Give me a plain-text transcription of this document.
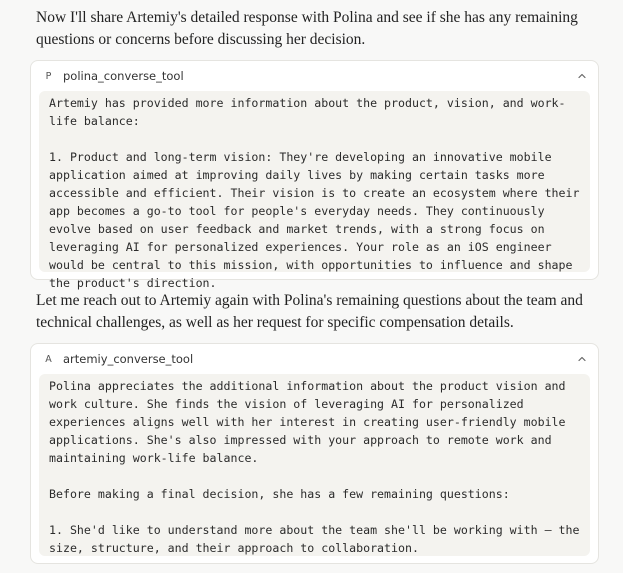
Now I'll share Artemiy's detailed response with Polina and see if she has any remaining questions or concerns before discussing her decision.

P polina_converse_tool
Artemiy has provided more information about the product, vision, and work-life balance:

1. Product and long-term vision: They're developing an innovative mobile application aimed at improving daily lives by making certain tasks more accessible and efficient. Their vision is to create an ecosystem where their app becomes a go-to tool for people's everyday needs. They continuously evolve based on user feedback and market trends, with a strong focus on leveraging AI for personalized experiences. Your role as an iOS engineer would be central to this mission, with opportunities to influence and shape the product's direction.

Let me reach out to Artemiy again with Polina's remaining questions about the team and technical challenges, as well as her request for specific compensation details.

A artemiy_converse_tool
Polina appreciates the additional information about the product vision and work culture. She finds the vision of leveraging AI for personalized experiences aligns well with her interest in creating user-friendly mobile applications. She's also impressed with your approach to remote work and maintaining work-life balance.

Before making a final decision, she has a few remaining questions:

1. She'd like to understand more about the team she'll be working with — the size, structure, and their approach to collaboration.
